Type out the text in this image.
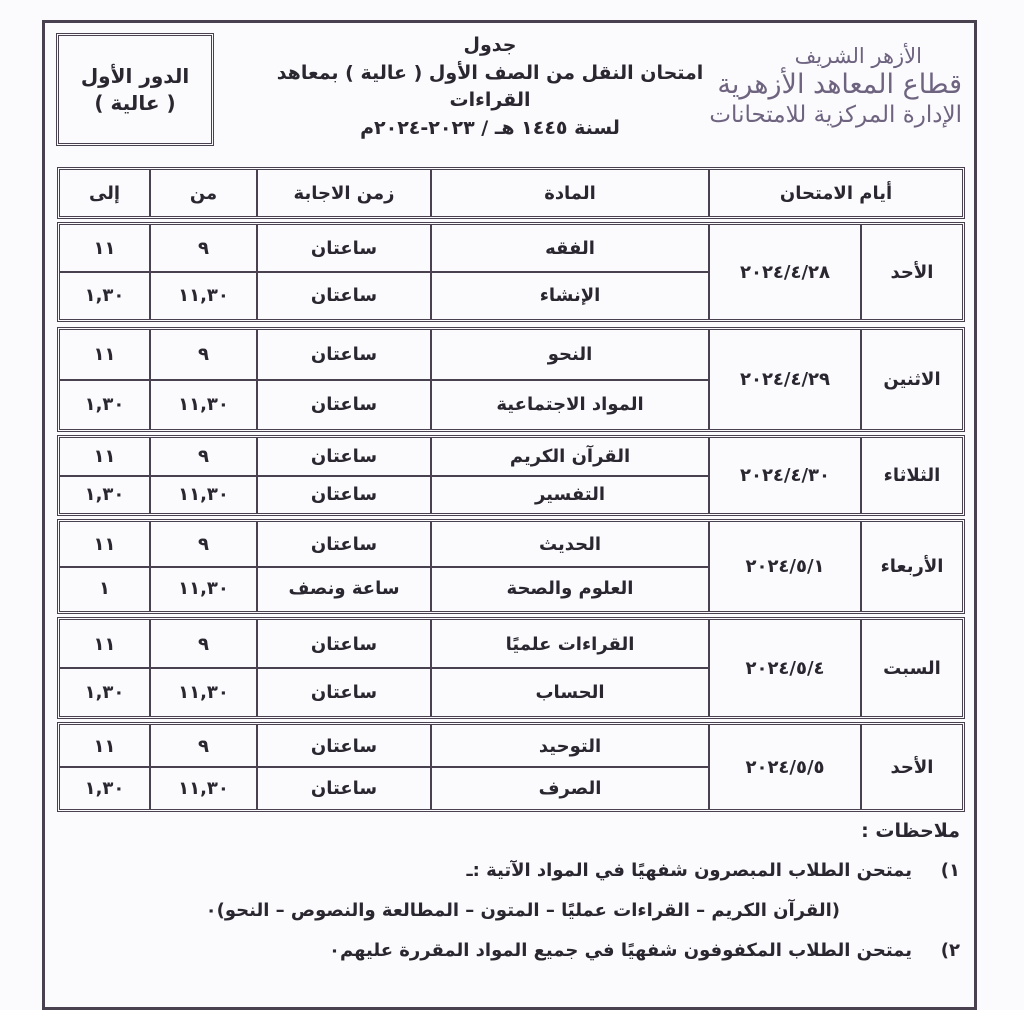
الأزهر الشريف
قطاع المعاهد الأزهرية
الإدارة المركزية للامتحانات
جدول
امتحان النقل من الصف الأول ( عالية ) بمعاهد القراءات
لسنة ١٤٤٥ هـ / ٢٠٢٣-٢٠٢٤م
الدور الأول
( عالية )
أيام الامتحان
المادة
زمن الاجابة
من
إلى
الأحد
٢٠٢٤/٤/٢٨
الفقه
ساعتان
٩
١١
الإنشاء
ساعتان
١١,٣٠
١,٣٠
الاثنين
٢٠٢٤/٤/٢٩
النحو
ساعتان
٩
١١
المواد الاجتماعية
ساعتان
١١,٣٠
١,٣٠
الثلاثاء
٢٠٢٤/٤/٣٠
القرآن الكريم
ساعتان
٩
١١
التفسير
ساعتان
١١,٣٠
١,٣٠
الأربعاء
٢٠٢٤/٥/١
الحديث
ساعتان
٩
١١
العلوم والصحة
ساعة ونصف
١١,٣٠
١
السبت
٢٠٢٤/٥/٤
القراءات علميًا
ساعتان
٩
١١
الحساب
ساعتان
١١,٣٠
١,٣٠
الأحد
٢٠٢٤/٥/٥
التوحيد
ساعتان
٩
١١
الصرف
ساعتان
١١,٣٠
١,٣٠
ملاحظات :
١)
يمتحن الطلاب المبصرون شفهيًا في المواد الآتية :ـ
(القرآن الكريم – القراءات عمليًا – المتون – المطالعة والنصوص – النحو)٠
٢)
يمتحن الطلاب المكفوفون شفهيًا في جميع المواد المقررة عليهم٠
